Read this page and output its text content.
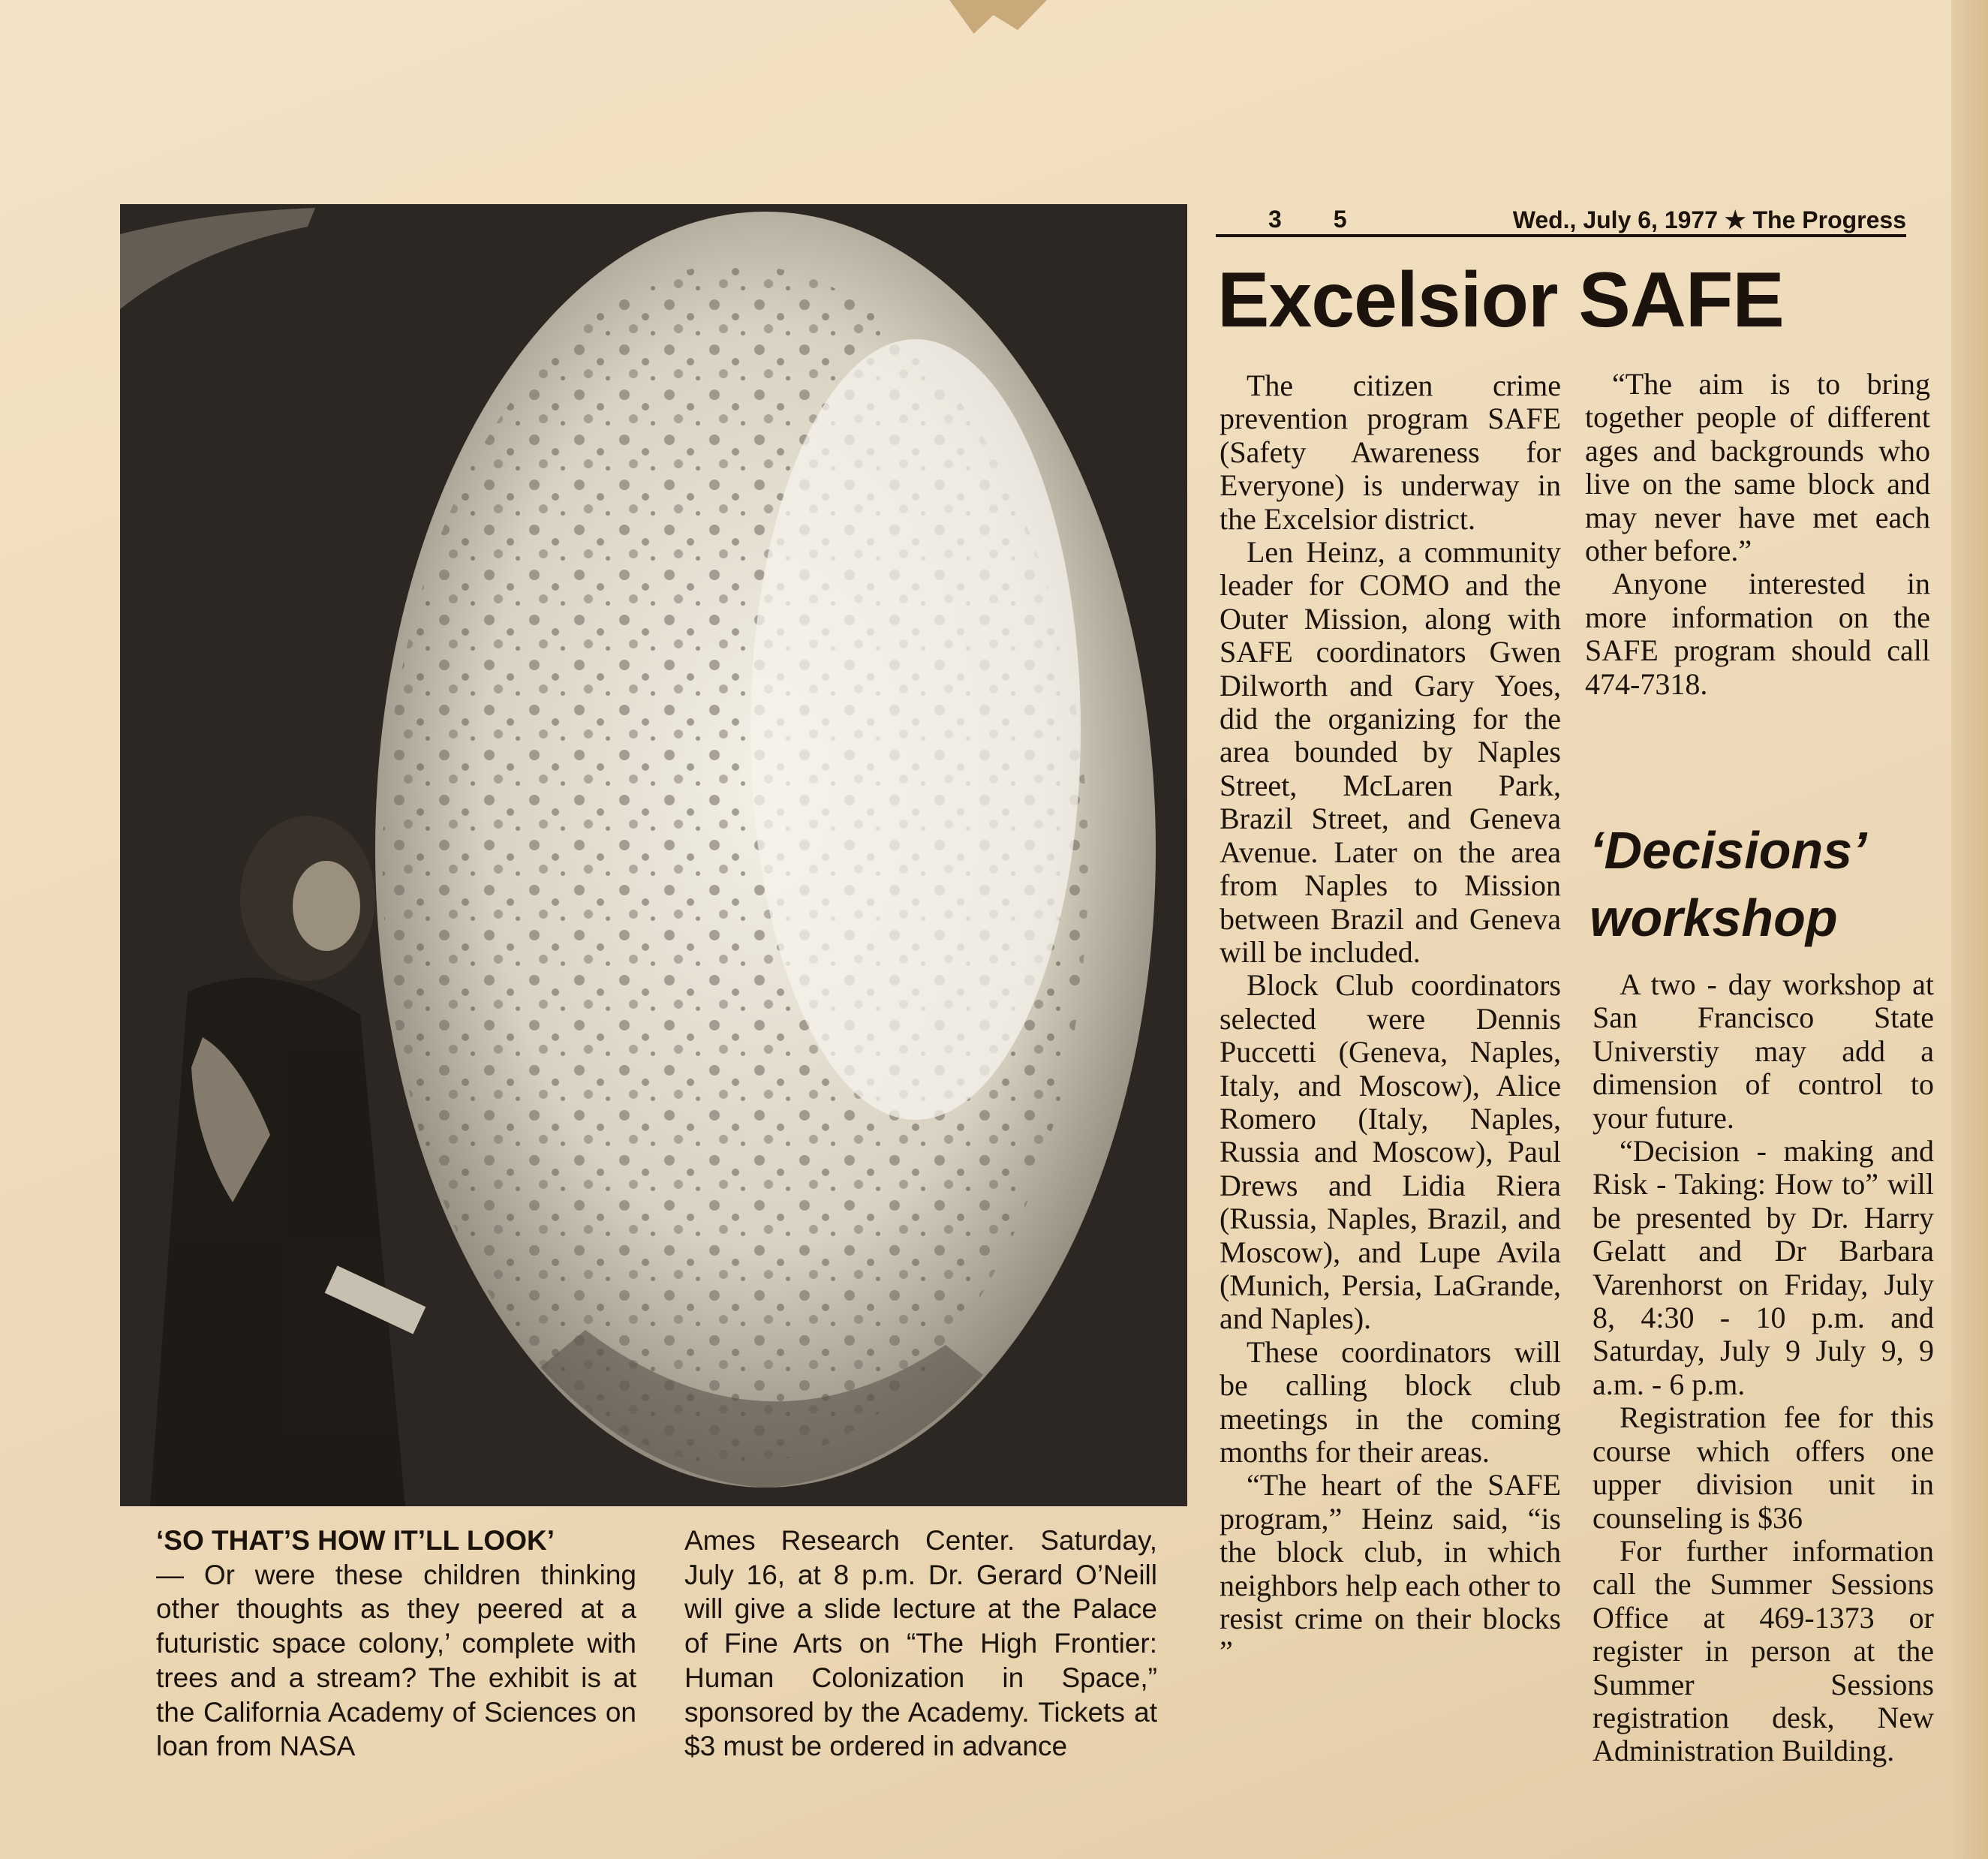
3 5	Wed., July 6, 1977 ★ The Progress
Excelsior SAFE

The citizen crime prevention program SAFE (Safety Awareness for Everyone) is underway in the Excelsior district.

Len Heinz, a community leader for COMO and the Outer Mission, along with SAFE coordinators Gwen Dilworth and Gary Yoes, did the organizing for the area bounded by Naples Street, McLaren Park, Brazil Street, and Geneva Avenue. Later on the area from Naples to Mission between Brazil and Geneva will be included.

Block Club coordinators selected were Dennis Puccetti (Geneva, Naples, Italy, and Moscow), Alice Romero (Italy, Naples, Russia and Moscow), Paul Drews and Lidia Riera (Russia, Naples, Brazil, and Moscow), and Lupe Avila (Munich, Persia, LaGrande, and Naples).

These coordinators will be calling block club meetings in the coming months for their areas.

“The heart of the SAFE program,” Heinz said, “is the block club, in which neighbors help each other to resist crime on their blocks ”

“The aim is to bring together people of different ages and backgrounds who live on the same block and may never have met each other before.”

Anyone interested in more information on the SAFE program should call 474-7318.

‘Decisions’ workshop

A two - day workshop at San Francisco State Universtiy may add a dimension of control to your future.

“Decision - making and Risk - Taking: How to” will be presented by Dr. Harry Gelatt and Dr Barbara Varenhorst on Friday, July 8, 4:30 - 10 p.m. and Saturday, July 9 July 9, 9 a.m. - 6 p.m.

Registration fee for this course which offers one upper division unit in counseling is $36

For further information call the Summer Sessions Office at 469-1373 or register in person at the Summer Sessions registration desk, New Administration Building.

‘SO THAT’S HOW IT’LL LOOK’
— Or were these children thinking other thoughts as they peered at a futuristic space colony,’ complete with trees and a stream? The exhibit is at the California Academy of Sciences on loan from NASA
Ames Research Center. Saturday, July 16, at 8 p.m. Dr. Gerard O’Neill will give a slide lecture at the Palace of Fine Arts on “The High Frontier: Human Colonization in Space,” sponsored by the Academy. Tickets at $3 must be ordered in advance
